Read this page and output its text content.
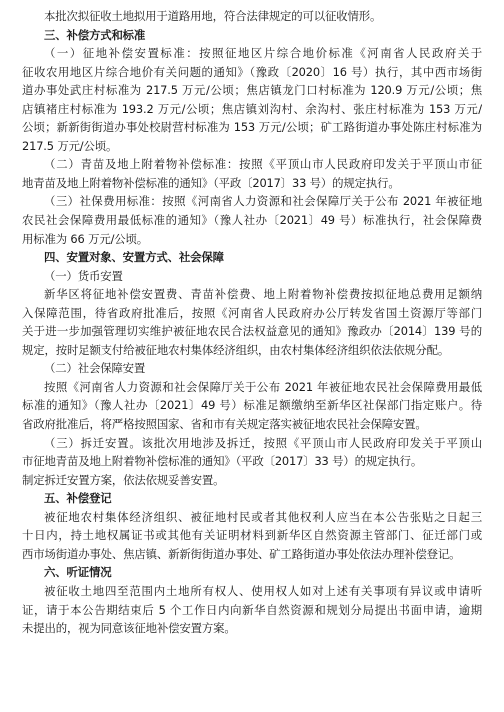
本批次拟征收土地拟用于道路用地，符合法律规定的可以征收情形。
三、补偿方式和标准
（一）征地补偿安置标准：按照征地区片综合地价标准《河南省人民政府关于
征收农用地区片综合地价有关问题的通知》（豫政〔2020〕16 号）执行，其中西市场街
道办事处武庄村标准为 217.5 万元/公顷；焦店镇龙门口村标准为 120.9 万元/公顷；焦
店镇褚庄村标准为 193.2 万元/公顷；焦店镇刘沟村、余沟村、张庄村标准为 153 万元/
公顷；新新街街道办事处校尉营村标准为 153 万元/公顷；矿工路街道办事处陈庄村标准为
217.5 万元/公顷。
（二）青苗及地上附着物补偿标准：按照《平顶山市人民政府印发关于平顶山市征
地青苗及地上附着物补偿标准的通知》（平政〔2017〕33 号）的规定执行。
（三）社保费用标准：按照《河南省人力资源和社会保障厅关于公布 2021 年被征地
农民社会保障费用最低标准的通知》（豫人社办〔2021〕49 号）标准执行，社会保障费
用标准为 66 万元/公顷。
四、安置对象、安置方式、社会保障
（一）货币安置
新华区将征地补偿安置费、青苗补偿费、地上附着物补偿费按拟征地总费用足额纳
入保障范围，待省政府批准后，按照《河南省人民政府办公厅转发省国土资源厅等部门
关于进一步加强管理切实维护被征地农民合法权益意见的通知》豫政办〔2014〕139 号的
规定，按时足额支付给被征地农村集体经济组织，由农村集体经济组织依法依规分配。
（二）社会保障安置
按照《河南省人力资源和社会保障厅关于公布 2021 年被征地农民社会保障费用最低
标准的通知》（豫人社办〔2021〕49 号）标准足额缴纳至新华区社保部门指定账户。待
省政府批准后，将严格按照国家、省和市有关规定落实被征地农民社会保障安置。
（三）拆迁安置。该批次用地涉及拆迁，按照《平顶山市人民政府印发关于平顶山
市征地青苗及地上附着物补偿标准的通知》（平政〔2017〕33 号）的规定执行。
制定拆迁安置方案，依法依规妥善安置。
五、补偿登记
被征地农村集体经济组织、被征地村民或者其他权利人应当在本公告张贴之日起三
十日内，持土地权属证书或其他有关证明材料到新华区自然资源主管部门、征迁部门或
西市场街道办事处、焦店镇、新新街街道办事处、矿工路街道办事处依法办理补偿登记。
六、听证情况
被征收土地四至范围内土地所有权人、使用权人如对上述有关事项有异议或申请听
证，请于本公告期结束后 5 个工作日内向新华自然资源和规划分局提出书面申请，逾期
未提出的，视为同意该征地补偿安置方案。
